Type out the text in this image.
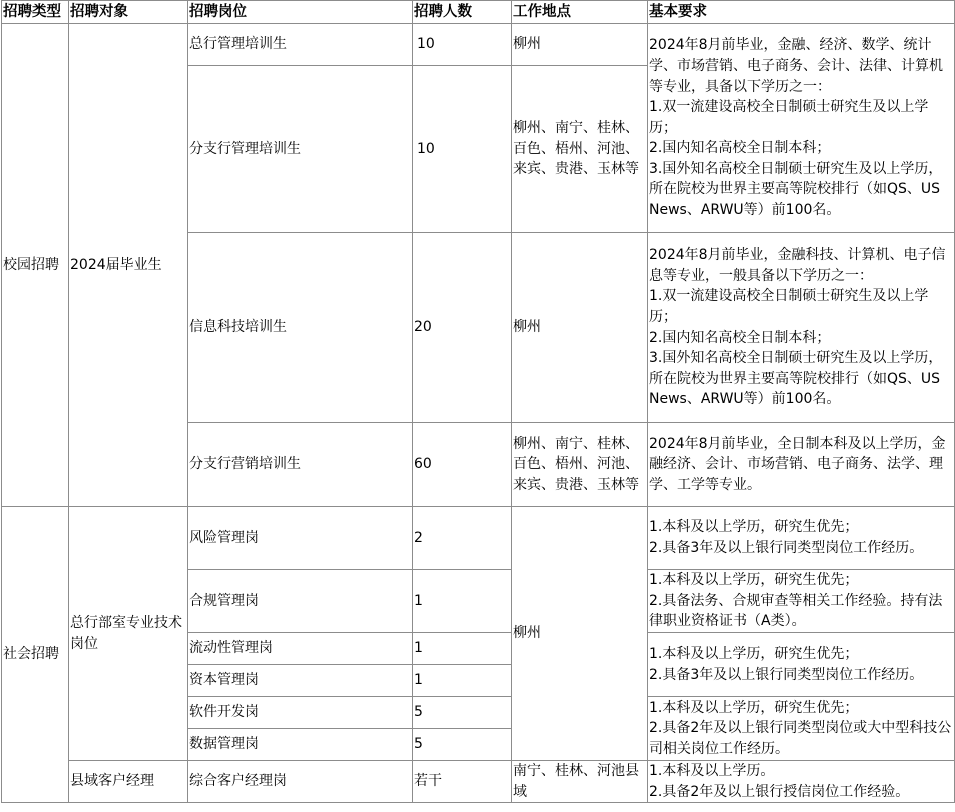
招聘类型	招聘对象	招聘岗位	招聘人数	工作地点	基本要求
校园招聘	2024届毕业生	总行管理培训生	10	柳州	2024年8月前毕业，金融、经济、数学、统计学、市场营销、电子商务、会计、法律、计算机等专业，具备以下学历之一：
1.双一流建设高校全日制硕士研究生及以上学历；
2.国内知名高校全日制本科；
3.国外知名高校全日制硕士研究生及以上学历，所在院校为世界主要高等院校排行（如QS、US News、ARWU等）前100名。

		分支行管理培训生	10	柳州、南宁、桂林、百色、梧州、河池、来宾、贵港、玉林等	
		信息科技培训生	20	柳州	2024年8月前毕业，金融科技、计算机、电子信息等专业，一般具备以下学历之一：
1.双一流建设高校全日制硕士研究生及以上学历；
2.国内知名高校全日制本科；
3.国外知名高校全日制硕士研究生及以上学历，所在院校为世界主要高等院校排行（如QS、US News、ARWU等）前100名。

		分支行营销培训生	60	柳州、南宁、桂林、百色、梧州、河池、来宾、贵港、玉林等	2024年8月前毕业，全日制本科及以上学历，金融经济、会计、市场营销、电子商务、法学、理学、工学等专业。

社会招聘	总行部室专业技术岗位	风险管理岗	2	柳州	1.本科及以上学历，研究生优先；
2.具备3年及以上银行同类型岗位工作经历。

		合规管理岗	1		1.本科及以上学历，研究生优先；
2.具备法务、合规审查等相关工作经验。持有法律职业资格证书（A类）。

		流动性管理岗	1		1.本科及以上学历，研究生优先；
2.具备3年及以上银行同类型岗位工作经历。

		资本管理岗	1		
		软件开发岗	5		1.本科及以上学历，研究生优先；
2.具备2年及以上银行同类型岗位或大中型科技公司相关岗位工作经历。

		数据管理岗	5		
	县域客户经理	综合客户经理岗	若干	南宁、桂林、河池县域	1.本科及以上学历。
2.具备2年及以上银行授信岗位工作经验。
